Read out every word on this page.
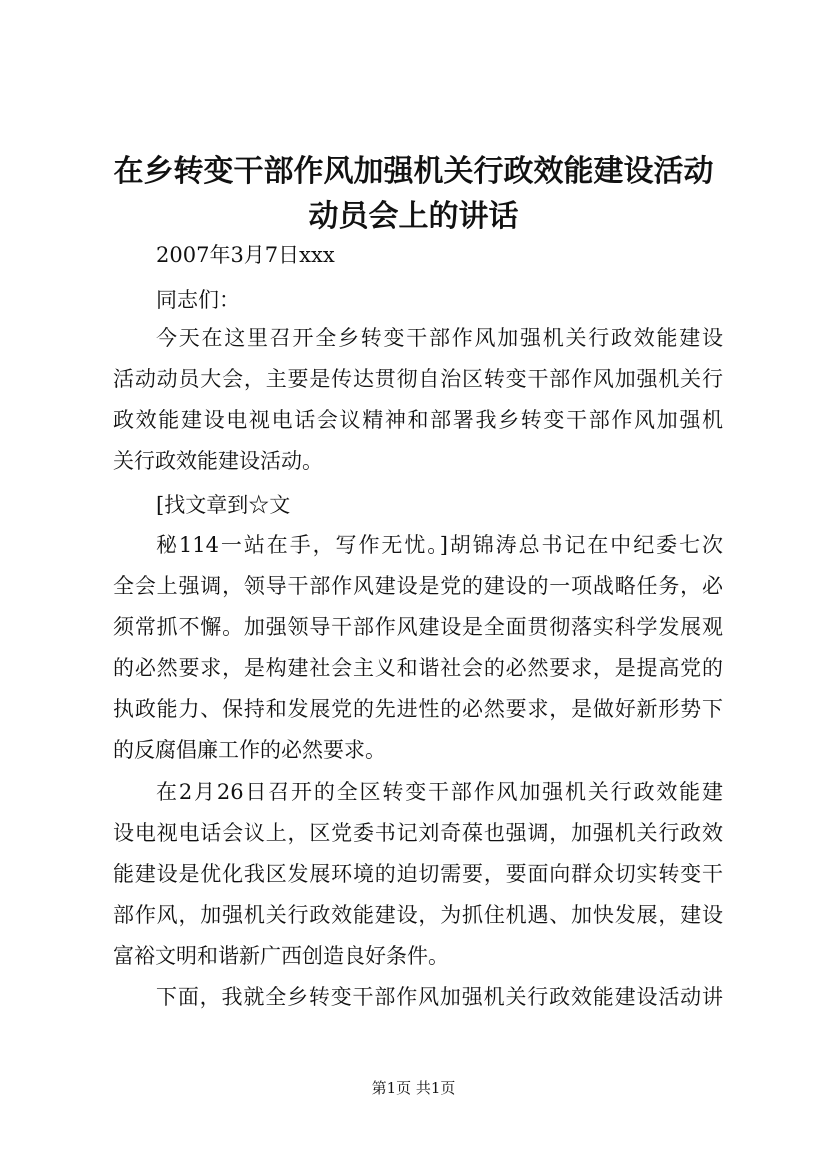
在乡转变干部作风加强机关行政效能建设活动
动员会上的讲话
2007年3月7日xxx
同志们：
今天在这里召开全乡转变干部作风加强机关行政效能建设
活动动员大会，主要是传达贯彻自治区转变干部作风加强机关行
政效能建设电视电话会议精神和部署我乡转变干部作风加强机
关行政效能建设活动。
[找文章到☆文
秘114一站在手，写作无忧。]胡锦涛总书记在中纪委七次
全会上强调，领导干部作风建设是党的建设的一项战略任务，必
须常抓不懈。加强领导干部作风建设是全面贯彻落实科学发展观
的必然要求，是构建社会主义和谐社会的必然要求，是提高党的
执政能力、保持和发展党的先进性的必然要求，是做好新形势下
的反腐倡廉工作的必然要求。
在2月26日召开的全区转变干部作风加强机关行政效能建
设电视电话会议上，区党委书记刘奇葆也强调，加强机关行政效
能建设是优化我区发展环境的迫切需要，要面向群众切实转变干
部作风，加强机关行政效能建设，为抓住机遇、加快发展，建设
富裕文明和谐新广西创造良好条件。
下面，我就全乡转变干部作风加强机关行政效能建设活动讲
第1页 共1页
